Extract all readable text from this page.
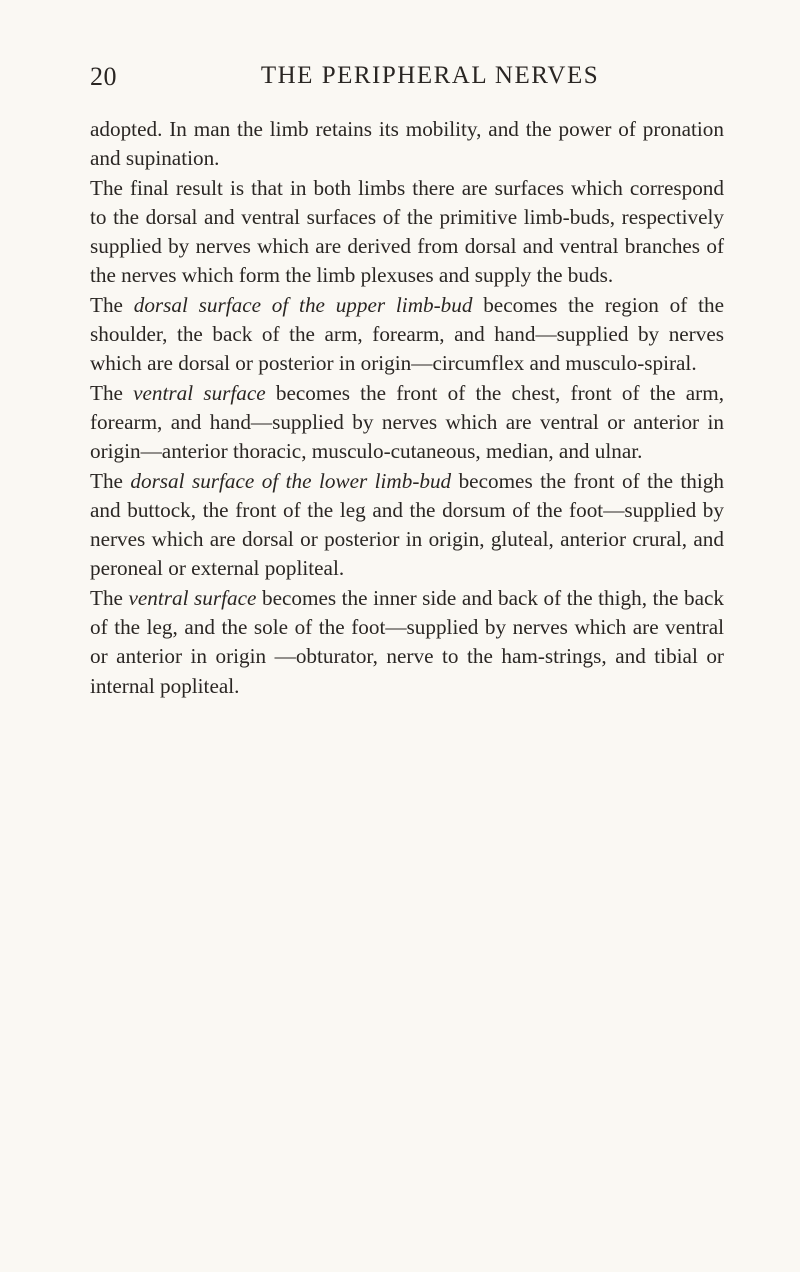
20	THE PERIPHERAL NERVES

adopted. In man the limb retains its mobility, and the power of pronation and supination.

The final result is that in both limbs there are surfaces which correspond to the dorsal and ventral surfaces of the primitive limb-buds, respectively supplied by nerves which are derived from dorsal and ventral branches of the nerves which form the limb plexuses and supply the buds.

The dorsal surface of the upper limb-bud becomes the region of the shoulder, the back of the arm, forearm, and hand—supplied by nerves which are dorsal or posterior in origin—circumflex and musculo-spiral.

The ventral surface becomes the front of the chest, front of the arm, forearm, and hand—supplied by nerves which are ventral or anterior in origin—anterior thoracic, musculo-cutaneous, median, and ulnar.

The dorsal surface of the lower limb-bud becomes the front of the thigh and buttock, the front of the leg and the dorsum of the foot—supplied by nerves which are dorsal or posterior in origin, gluteal, anterior crural, and peroneal or external popliteal.

The ventral surface becomes the inner side and back of the thigh, the back of the leg, and the sole of the foot—supplied by nerves which are ventral or anterior in origin —obturator, nerve to the ham-strings, and tibial or internal popliteal.
